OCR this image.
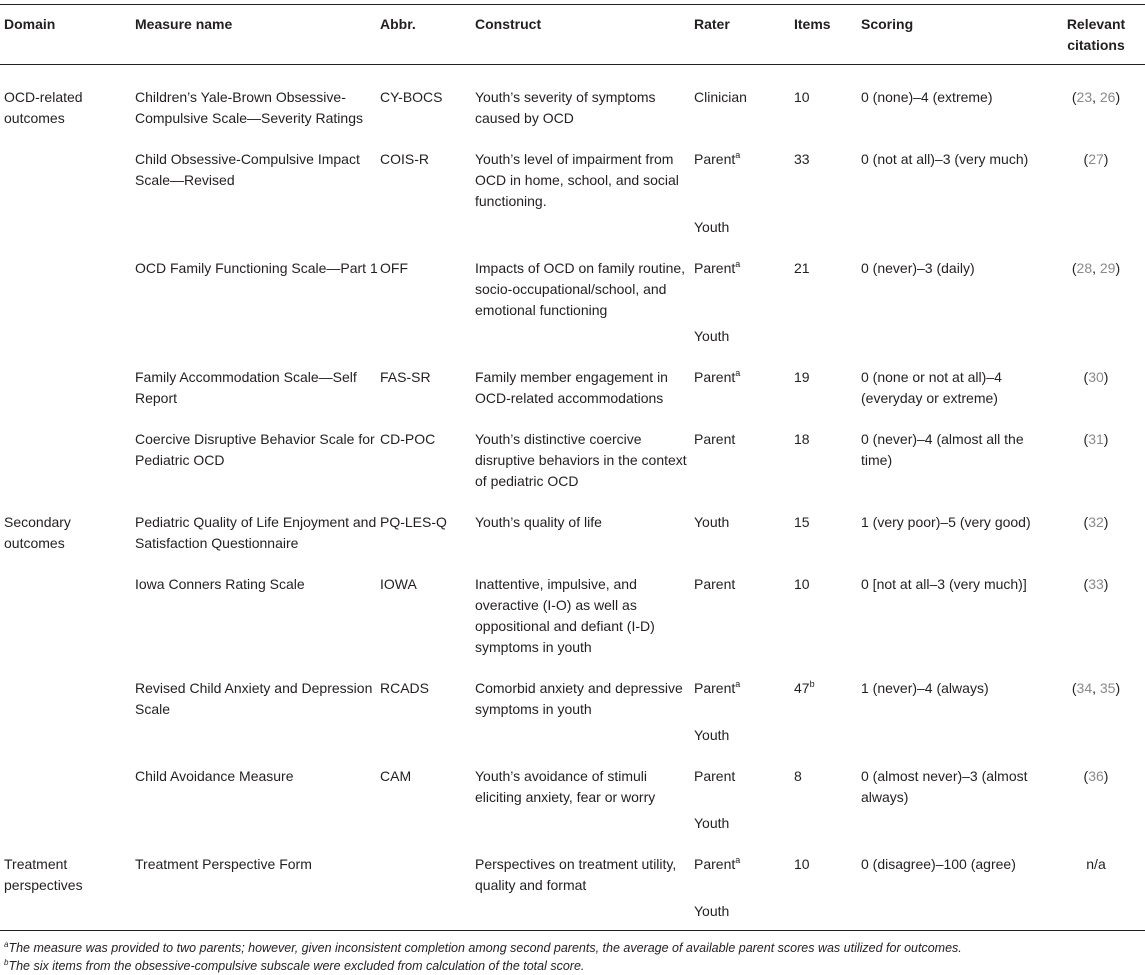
Domain	Measure name	Abbr.	Construct	Rater	Items	Scoring	Relevant citations
OCD-related outcomes	Children’s Yale-Brown Obsessive-Compulsive Scale—Severity Ratings	CY-BOCS	Youth’s severity of symptoms caused by OCD	Clinician	10	0 (none)–4 (extreme)	(23, 26)
	Child Obsessive-Compulsive Impact Scale—Revised	COIS-R	Youth’s level of impairment from OCD in home, school, and social functioning.	Parent$^a$	33	0 (not at all)–3 (very much)	(27)
				Youth			
	OCD Family Functioning Scale—Part 1	OFF	Impacts of OCD on family routine, socio-occupational/school, and emotional functioning	Parent$^a$	21	0 (never)–3 (daily)	(28, 29)
				Youth			
	Family Accommodation Scale—Self Report	FAS-SR	Family member engagement in OCD-related accommodations	Parent$^a$	19	0 (none or not at all)–4 (everyday or extreme)	(30)
	Coercive Disruptive Behavior Scale for Pediatric OCD	CD-POC	Youth’s distinctive coercive disruptive behaviors in the context of pediatric OCD	Parent	18	0 (never)–4 (almost all the time)	(31)
Secondary outcomes	Pediatric Quality of Life Enjoyment and Satisfaction Questionnaire	PQ-LES-Q	Youth’s quality of life	Youth	15	1 (very poor)–5 (very good)	(32)
	Iowa Conners Rating Scale	IOWA	Inattentive, impulsive, and overactive (I-O) as well as oppositional and defiant (I-D) symptoms in youth	Parent	10	0 [not at all–3 (very much)]	(33)
	Revised Child Anxiety and Depression Scale	RCADS	Comorbid anxiety and depressive symptoms in youth	Parent$^a$	47$^b$	1 (never)–4 (always)	(34, 35)
				Youth			
	Child Avoidance Measure	CAM	Youth’s avoidance of stimuli eliciting anxiety, fear or worry	Parent	8	0 (almost never)–3 (almost always)	(36)
				Youth			
Treatment perspectives	Treatment Perspective Form		Perspectives on treatment utility, quality and format	Parent$^a$	10	0 (disagree)–100 (agree)	n/a
				Youth			
$^a$The measure was provided to two parents; however, given inconsistent completion among second parents, the average of available parent scores was utilized for outcomes.
$^b$The six items from the obsessive-compulsive subscale were excluded from calculation of the total score.
